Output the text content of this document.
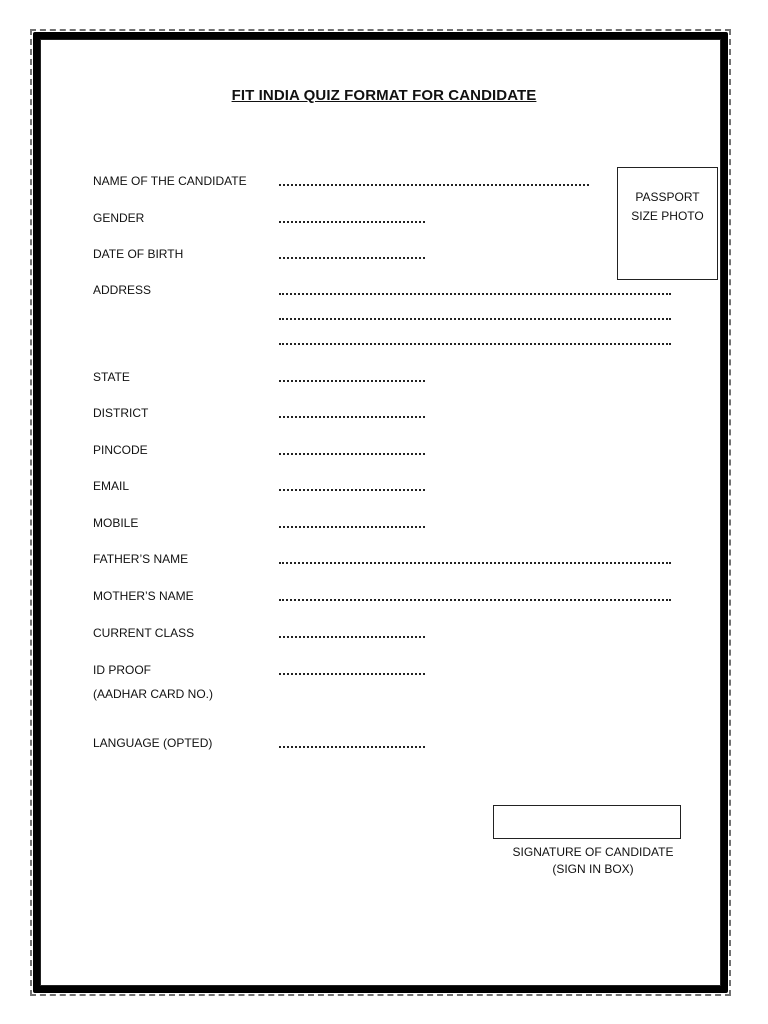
FIT INDIA QUIZ FORMAT FOR CANDIDATE
PASSPORT
SIZE PHOTO
NAME OF THE CANDIDATE
GENDER
DATE OF BIRTH
ADDRESS
STATE
DISTRICT
PINCODE
EMAIL
MOBILE
FATHER’S NAME
MOTHER’S NAME
CURRENT CLASS
ID PROOF
(AADHAR CARD NO.)
LANGUAGE (OPTED)
SIGNATURE OF CANDIDATE
(SIGN IN BOX)
